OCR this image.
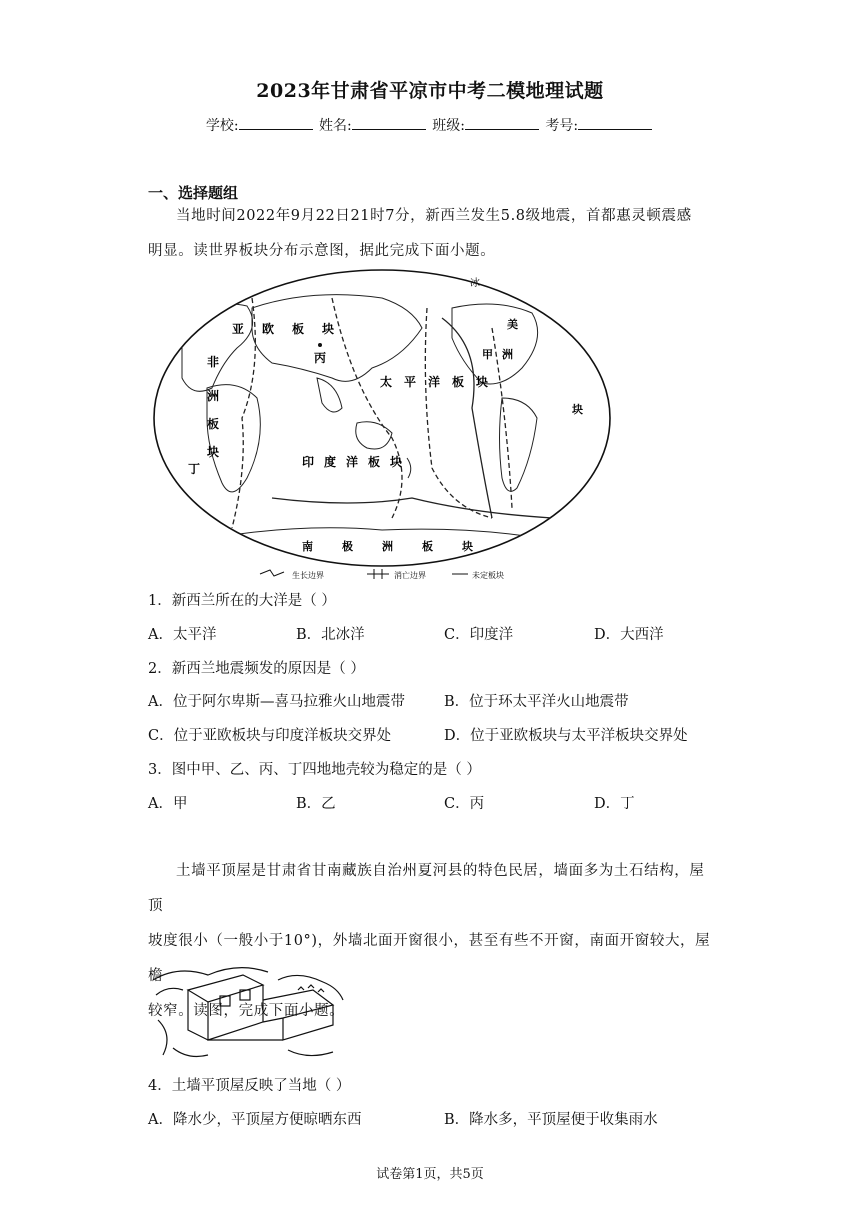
2023年甘肃省平凉市中考二模地理试题
学校:	姓名:	班级:	考号:
一、选择题组
当地时间2022年9月22日21时7分，新西兰发生5.8级地震，首都惠灵顿震感
明显。读世界板块分布示意图，据此完成下面小题。
冰
美
亚 欧 板 块
丙
非
洲
板
块
太 平 洋 板 块
甲 洲
块
丁	印 度 洋 板 块
南	极	洲	板	块
生长边界	消亡边界	未定板块
1．新西兰所在的大洋是（ ）
A．太平洋	B．北冰洋	C．印度洋	D．大西洋
2．新西兰地震频发的原因是（ ）
A．位于阿尔卑斯—喜马拉雅火山地震带	B．位于环太平洋火山地震带
C．位于亚欧板块与印度洋板块交界处	D．位于亚欧板块与太平洋板块交界处
3．图中甲、乙、丙、丁四地地壳较为稳定的是（ ）
A．甲	B．乙	C．丙	D．丁
土墙平顶屋是甘肃省甘南藏族自治州夏河县的特色民居，墙面多为土石结构，屋顶
坡度很小（一般小于10°)，外墙北面开窗很小，甚至有些不开窗，南面开窗较大，屋檐
较窄。读图，完成下面小题。
4．土墙平顶屋反映了当地（ ）
A．降水少，平顶屋方便晾晒东西	B．降水多，平顶屋便于收集雨水
试卷第1页，共5页
